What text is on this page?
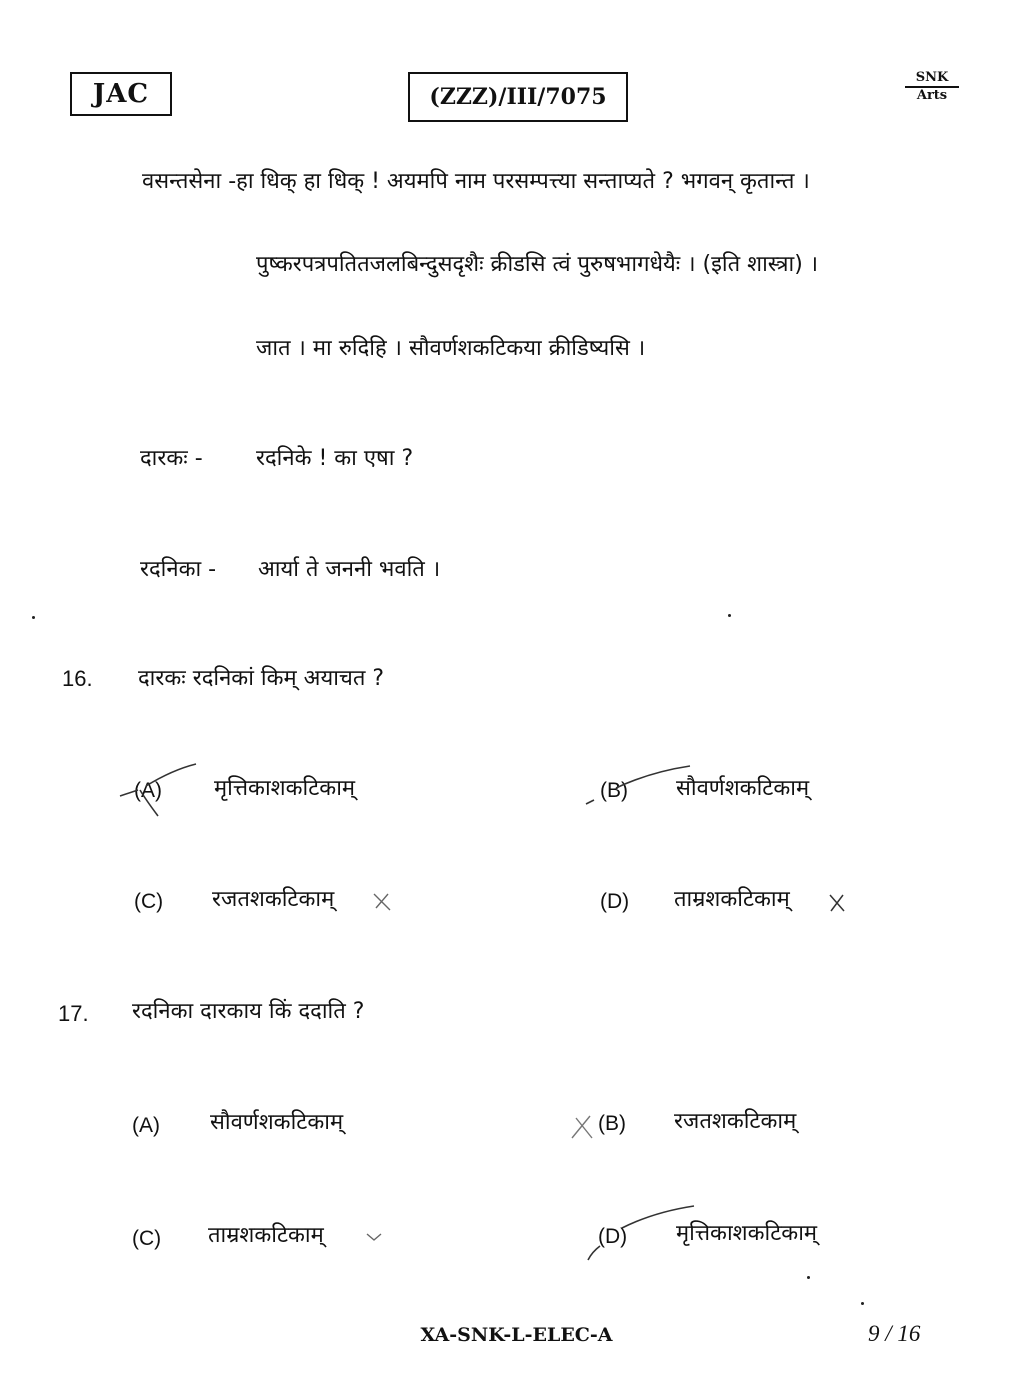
JAC	(ZZZ)/III/7075
SNK
Arts
वसन्तसेना -हा धिक् हा धिक् ! अयमपि नाम परसम्पत्त्या सन्ताप्यते ? भगवन् कृतान्त ।
पुष्करपत्रपतितजलबिन्दुसदृशैः क्रीडसि त्वं पुरुषभागधेयैः । (इति शास्त्रा) ।
जात । मा रुदिहि । सौवर्णशकटिकया क्रीडिष्यसि ।
दारकः - रदनिके ! का एषा ?
रदनिका - आर्या ते जननी भवति ।
16. दारकः रदनिकां किम् अयाचत ?
(A) मृत्तिकाशकटिकाम्	(B) सौवर्णशकटिकाम्
(C) रजतशकटिकाम्	(D) ताम्रशकटिकाम्
17. रदनिका दारकाय किं ददाति ?
(A) सौवर्णशकटिकाम्	(B) रजतशकटिकाम्
(C) ताम्रशकटिकाम्	(D) मृत्तिकाशकटिकाम्
XA-SNK-L-ELEC-A	9 / 16
